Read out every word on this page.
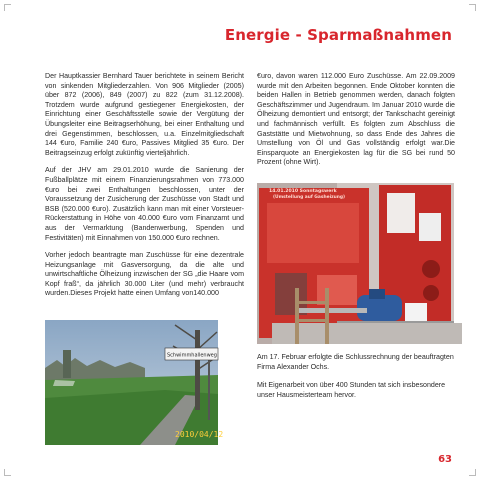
Energie - Sparmaßnahmen

Der Hauptkassier Bernhard Tauer berichtete in seinem Bericht von sinkenden Mitgliederzahlen. Von 906 Mitglieder (2005) über 872 (2006), 849 (2007) zu 822 (zum 31.12.2008). Trotzdem wurde aufgrund gestiegener Energiekosten, der Einrichtung einer Geschäftsstelle sowie der Vergütung der Übungsleiter eine Beitragserhöhung, bei einer Enthaltung und drei Gegenstimmen, beschlossen, u.a. Einzelmitgliedschaft 144 €uro, Familie 240 €uro, Passives Mitglied 35 €uro. Der Beitragseinzug erfolgt zukünftig vierteljährlich.

Auf der JHV am 29.01.2010 wurde die Sanierung der Fußballplätze mit einem Finanzierungsrahmen von 773.000 €uro bei zwei Enthaltungen beschlossen, unter der Voraussetzung der Zusicherung der Zuschüsse von Stadt und BSB (520.000 €uro). Zusätzlich kann man mit einer Vorsteuer-Rückerstattung in Höhe von 40.000 €uro vom Finanzamt und aus der Vermarktung (Bandenwerbung, Spenden und Festivitäten) mit Einnahmen von 150.000 €uro rechnen.

Vorher jedoch beantragte man Zuschüsse für eine dezentrale Heizungsanlage mit Gasversorgung, da die alte und unwirtschaftliche Ölheizung inzwischen der SG „die Haare vom Kopf fraß“, da jährlich 30.000 Liter (und mehr) verbraucht wurden.Dieses Projekt hatte einen Umfang von140.000

€uro, davon waren 112.000 Euro Zuschüsse. Am 22.09.2009 wurde mit den Arbeiten begonnen. Ende Oktober konnten die beiden Hallen in Betrieb genommen werden, danach folgten Geschäftszimmer und Jugendraum. Im Januar 2010 wurde die Ölheizung demontiert und entsorgt; der Tankschacht gereinigt und fachmännisch verfüllt. Es folgten zum Abschluss die Gaststätte und Mietwohnung, so dass Ende des Jahres die Umstellung von Öl und Gas vollständig erfolgt war.Die Einsparquote an Energiekosten lag für die SG bei rund 50 Prozent (ohne Wirt).

14.01.2010 Sonntagswerk
(Umstellung auf Gasheizung)
Schwimmhallenweg
2010/04/12
Am 17. Februar erfolgte die Schlussrechnung der beauftragten Firma Alexander Ochs.
Mit Eigenarbeit von über 400 Stunden tat sich insbesondere unser Hausmeisterteam hervor.
63
